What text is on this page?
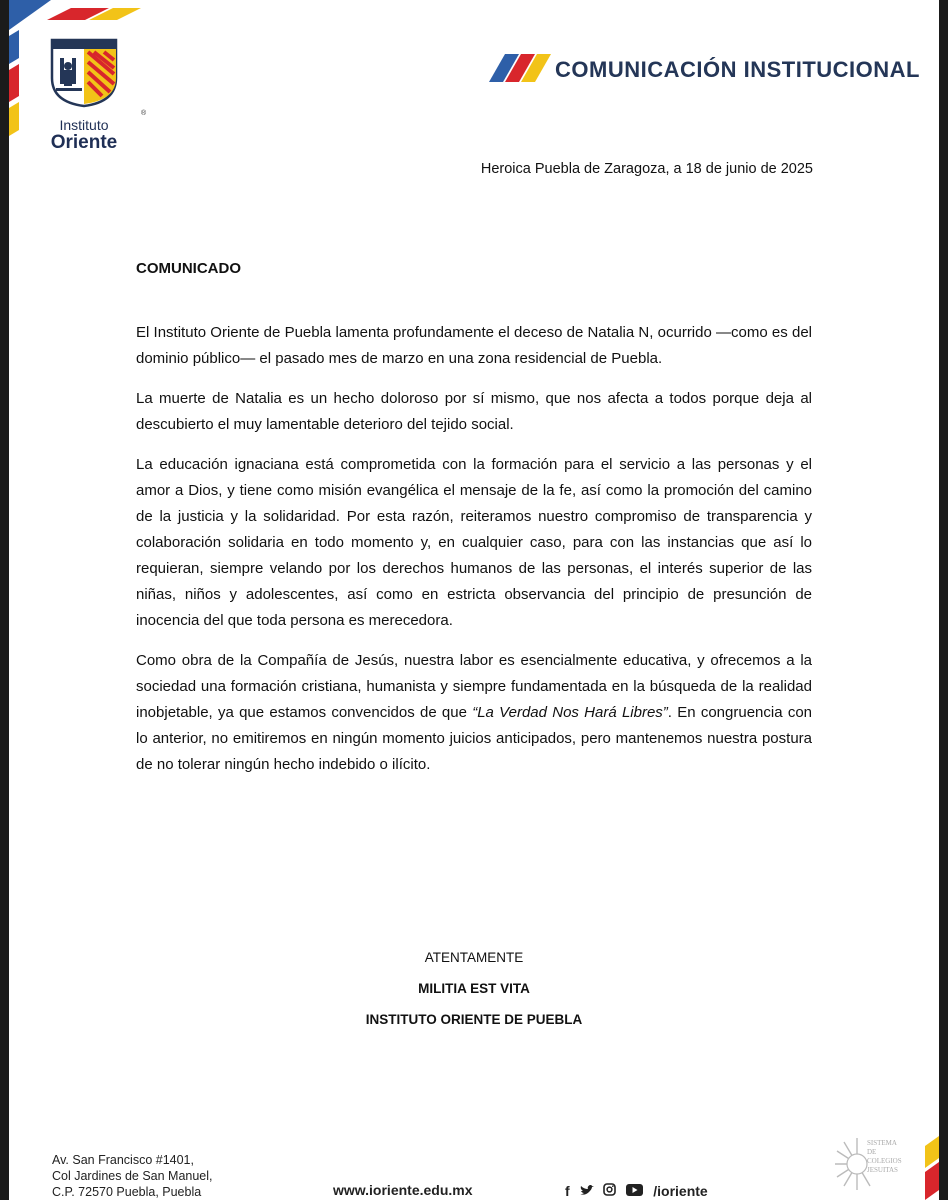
Instituto
Oriente
®
COMUNICACIÓN INSTITUCIONAL
Heroica Puebla de Zaragoza, a 18 de junio de 2025
COMUNICADO

El Instituto Oriente de Puebla lamenta profundamente el deceso de Natalia N, ocurrido —como es del dominio público— el pasado mes de marzo en una zona residencial de Puebla.

La muerte de Natalia es un hecho doloroso por sí mismo, que nos afecta a todos porque deja al descubierto el muy lamentable deterioro del tejido social.

La educación ignaciana está comprometida con la formación para el servicio a las personas y el amor a Dios, y tiene como misión evangélica el mensaje de la fe, así como la promoción del camino de la justicia y la solidaridad. Por esta razón, reiteramos nuestro compromiso de transparencia y colaboración solidaria en todo momento y, en cualquier caso, para con las instancias que así lo requieran, siempre velando por los derechos humanos de las personas, el interés superior de las niñas, niños y adolescentes, así como en estricta observancia del principio de presunción de inocencia del que toda persona es merecedora.

Como obra de la Compañía de Jesús, nuestra labor es esencialmente educativa, y ofrecemos a la sociedad una formación cristiana, humanista y siempre fundamentada en la búsqueda de la realidad inobjetable, ya que estamos convencidos de que “La Verdad Nos Hará Libres”. En congruencia con lo anterior, no emitiremos en ningún momento juicios anticipados, pero mantenemos nuestra postura de no tolerar ningún hecho indebido o ilícito.

ATENTAMENTE
MILITIA EST VITA
INSTITUTO ORIENTE DE PUEBLA
Av. San Francisco #1401,
Col Jardines de San Manuel,
C.P. 72570 Puebla, Puebla	www.ioriente.edu.mx	f	/ioriente
SISTEMA
DE COLEGIOS
JESUITAS
